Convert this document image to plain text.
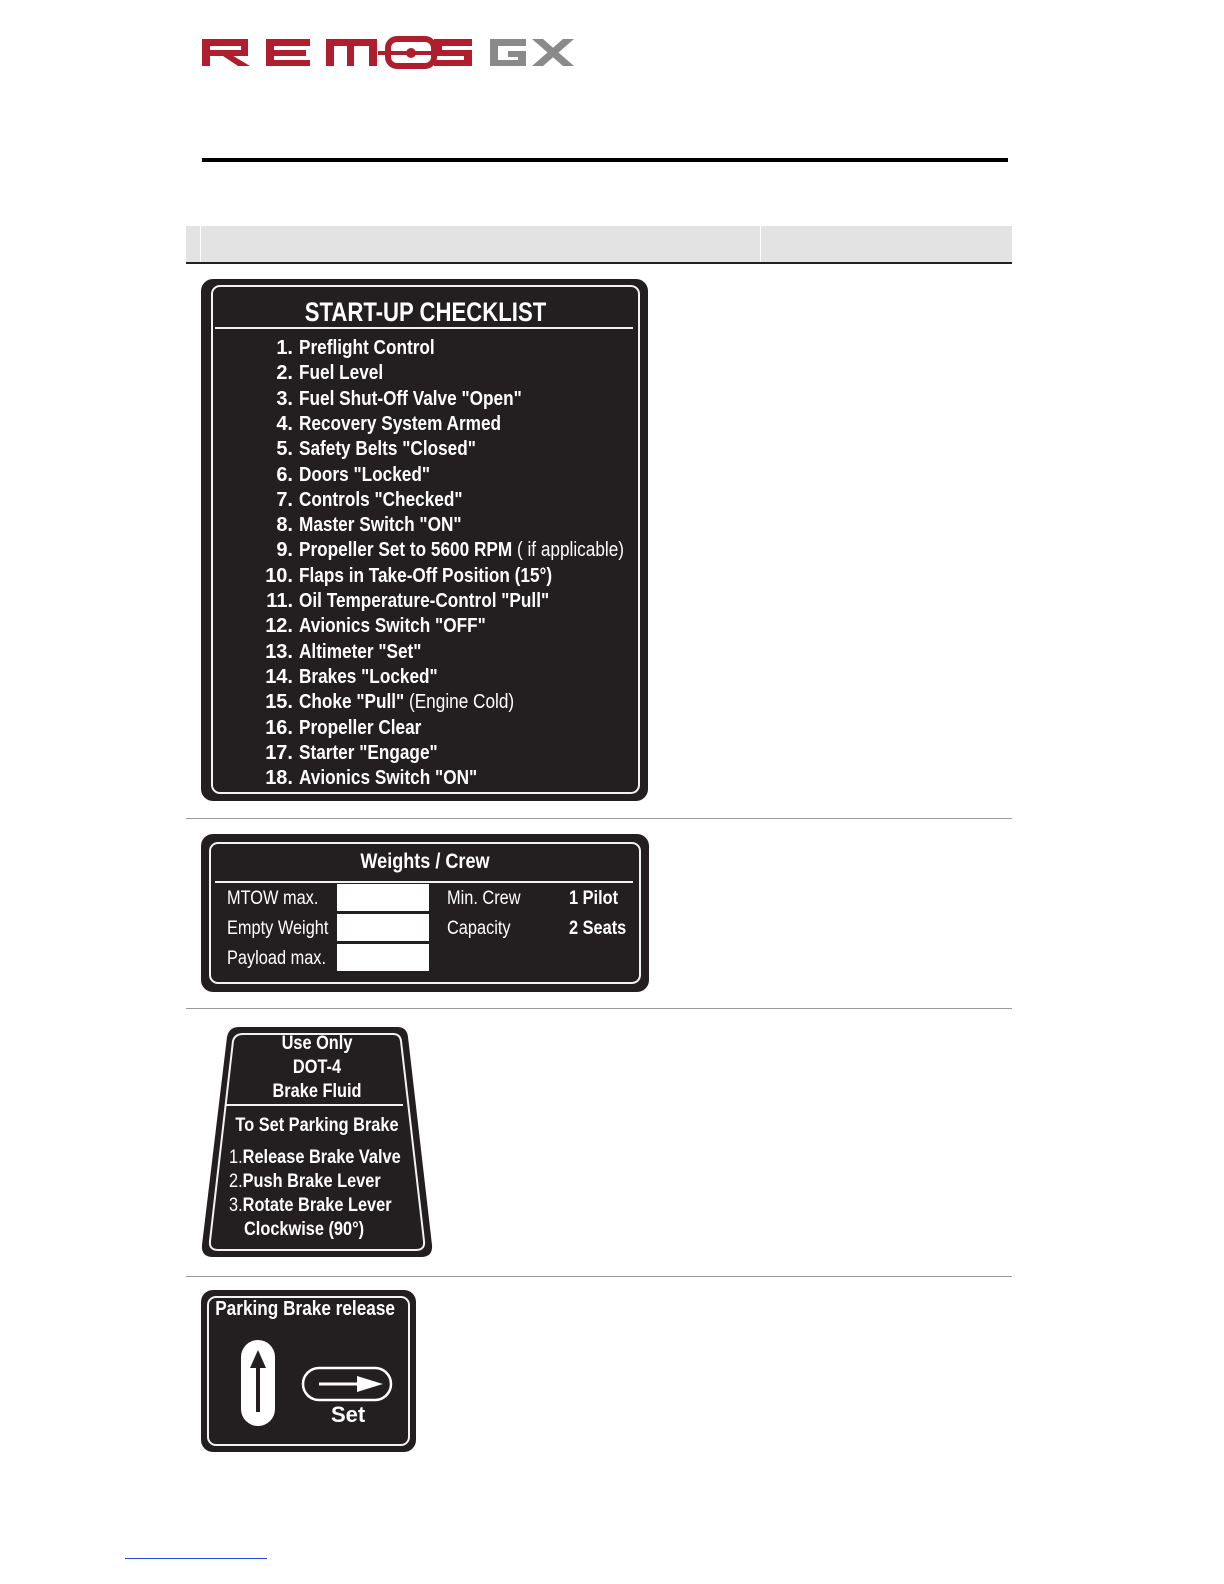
START-UP CHECKLIST
1. Preflight Control
2. Fuel Level
3. Fuel Shut-Off Valve "Open"
4. Recovery System Armed
5. Safety Belts "Closed"
6. Doors "Locked"
7. Controls "Checked"
8. Master Switch "ON"
9. Propeller Set to 5600 RPM ( if applicable)
10. Flaps in Take-Off Position (15°)
11. Oil Temperature-Control "Pull"
12. Avionics Switch "OFF"
13. Altimeter "Set"
14. Brakes "Locked"
15. Choke "Pull" (Engine Cold)
16. Propeller Clear
17. Starter "Engage"
18. Avionics Switch "ON"
Weights / Crew
MTOW max.
Empty Weight
Payload max.
Min. Crew
Capacity
1 Pilot
2 Seats
Use Only
DOT-4
Brake Fluid
To Set Parking Brake
1.Release Brake Valve
2.Push Brake Lever
3.Rotate Brake Lever
Clockwise (90°)
Parking Brake release
Set
